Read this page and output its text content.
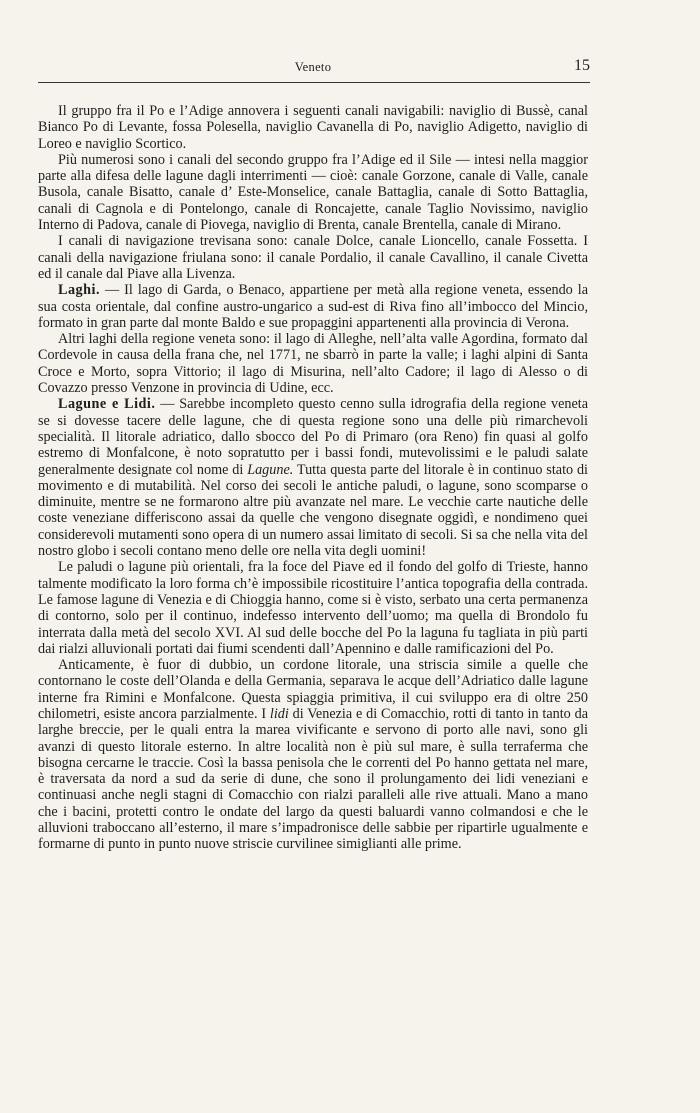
Veneto	15

Il gruppo fra il Po e l’Adige annovera i seguenti canali navigabili: naviglio di Bussè, canal Bianco Po di Levante, fossa Polesella, naviglio Cavanella di Po, naviglio Adigetto, naviglio di Loreo e naviglio Scortico.

Più numerosi sono i canali del secondo gruppo fra l’Adige ed il Sile — intesi nella maggior parte alla difesa delle lagune dagli interrimenti — cioè: canale Gorzone, canale di Valle, canale Busola, canale Bisatto, canale d’ Este-Monselice, canale Battaglia, canale di Sotto Battaglia, canali di Cagnola e di Pontelongo, canale di Roncajette, canale Taglio Novissimo, naviglio Interno di Padova, canale di Piovega, naviglio di Brenta, canale Brentella, canale di Mirano.

I canali di navigazione trevisana sono: canale Dolce, canale Lioncello, canale Fossetta. I canali della navigazione friulana sono: il canale Pordalio, il canale Cavallino, il canale Civetta ed il canale dal Piave alla Livenza.

Laghi. — Il lago di Garda, o Benaco, appartiene per metà alla regione veneta, essendo la sua costa orientale, dal confine austro-ungarico a sud-est di Riva fino all’imbocco del Mincio, formato in gran parte dal monte Baldo e sue propaggini appartenenti alla provincia di Verona.

Altri laghi della regione veneta sono: il lago di Alleghe, nell’alta valle Agordina, formato dal Cordevole in causa della frana che, nel 1771, ne sbarrò in parte la valle; i laghi alpini di Santa Croce e Morto, sopra Vittorio; il lago di Misurina, nell’alto Cadore; il lago di Alesso o di Covazzo presso Venzone in provincia di Udine, ecc.

Lagune e Lidi. — Sarebbe incompleto questo cenno sulla idrografia della regione veneta se si dovesse tacere delle lagune, che di questa regione sono una delle più rimarchevoli specialità. Il litorale adriatico, dallo sbocco del Po di Primaro (ora Reno) fin quasi al golfo estremo di Monfalcone, è noto sopratutto per i bassi fondi, mutevolissimi e le paludi salate generalmente designate col nome di Lagune. Tutta questa parte del litorale è in continuo stato di movimento e di mutabilità. Nel corso dei secoli le antiche paludi, o lagune, sono scomparse o diminuite, mentre se ne formarono altre più avanzate nel mare. Le vecchie carte nautiche delle coste veneziane differiscono assai da quelle che vengono disegnate oggidì, e nondimeno quei considerevoli mutamenti sono opera di un numero assai limitato di secoli. Si sa che nella vita del nostro globo i secoli contano meno delle ore nella vita degli uomini!

Le paludi o lagune più orientali, fra la foce del Piave ed il fondo del golfo di Trieste, hanno talmente modificato la loro forma ch’è impossibile ricostituire l’antica topografia della contrada. Le famose lagune di Venezia e di Chioggia hanno, come si è visto, serbato una certa permanenza di contorno, solo per il continuo, indefesso intervento dell’uomo; ma quella di Brondolo fu interrata dalla metà del secolo XVI. Al sud delle bocche del Po la laguna fu tagliata in più parti dai rialzi alluvionali portati dai fiumi scendenti dall’Apennino e dalle ramificazioni del Po.

Anticamente, è fuor di dubbio, un cordone litorale, una striscia simile a quelle che contornano le coste dell’Olanda e della Germania, separava le acque dell’Adriatico dalle lagune interne fra Rimini e Monfalcone. Questa spiaggia primitiva, il cui sviluppo era di oltre 250 chilometri, esiste ancora parzialmente. I lidi di Venezia e di Comacchio, rotti di tanto in tanto da larghe breccie, per le quali entra la marea vivificante e servono di porto alle navi, sono gli avanzi di questo litorale esterno. In altre località non è più sul mare, è sulla terraferma che bisogna cercarne le traccie. Così la bassa penisola che le correnti del Po hanno gettata nel mare, è traversata da nord a sud da serie di dune, che sono il prolungamento dei lidi veneziani e continuasi anche negli stagni di Comacchio con rialzi paralleli alle rive attuali. Mano a mano che i bacini, protetti contro le ondate del largo da questi baluardi vanno colmandosi e che le alluvioni traboccano all’esterno, il mare s’impadronisce delle sabbie per ripartirle ugualmente e formarne di punto in punto nuove striscie curvilinee simiglianti alle prime.
